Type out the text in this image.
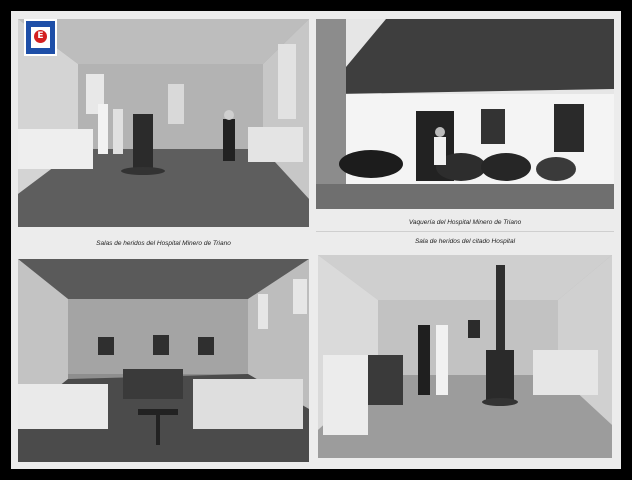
E
Salas de heridos del Hospital Minero de Triano
Vaquería del Hospital Minero de Triano
Sala de heridos del citado Hospital
